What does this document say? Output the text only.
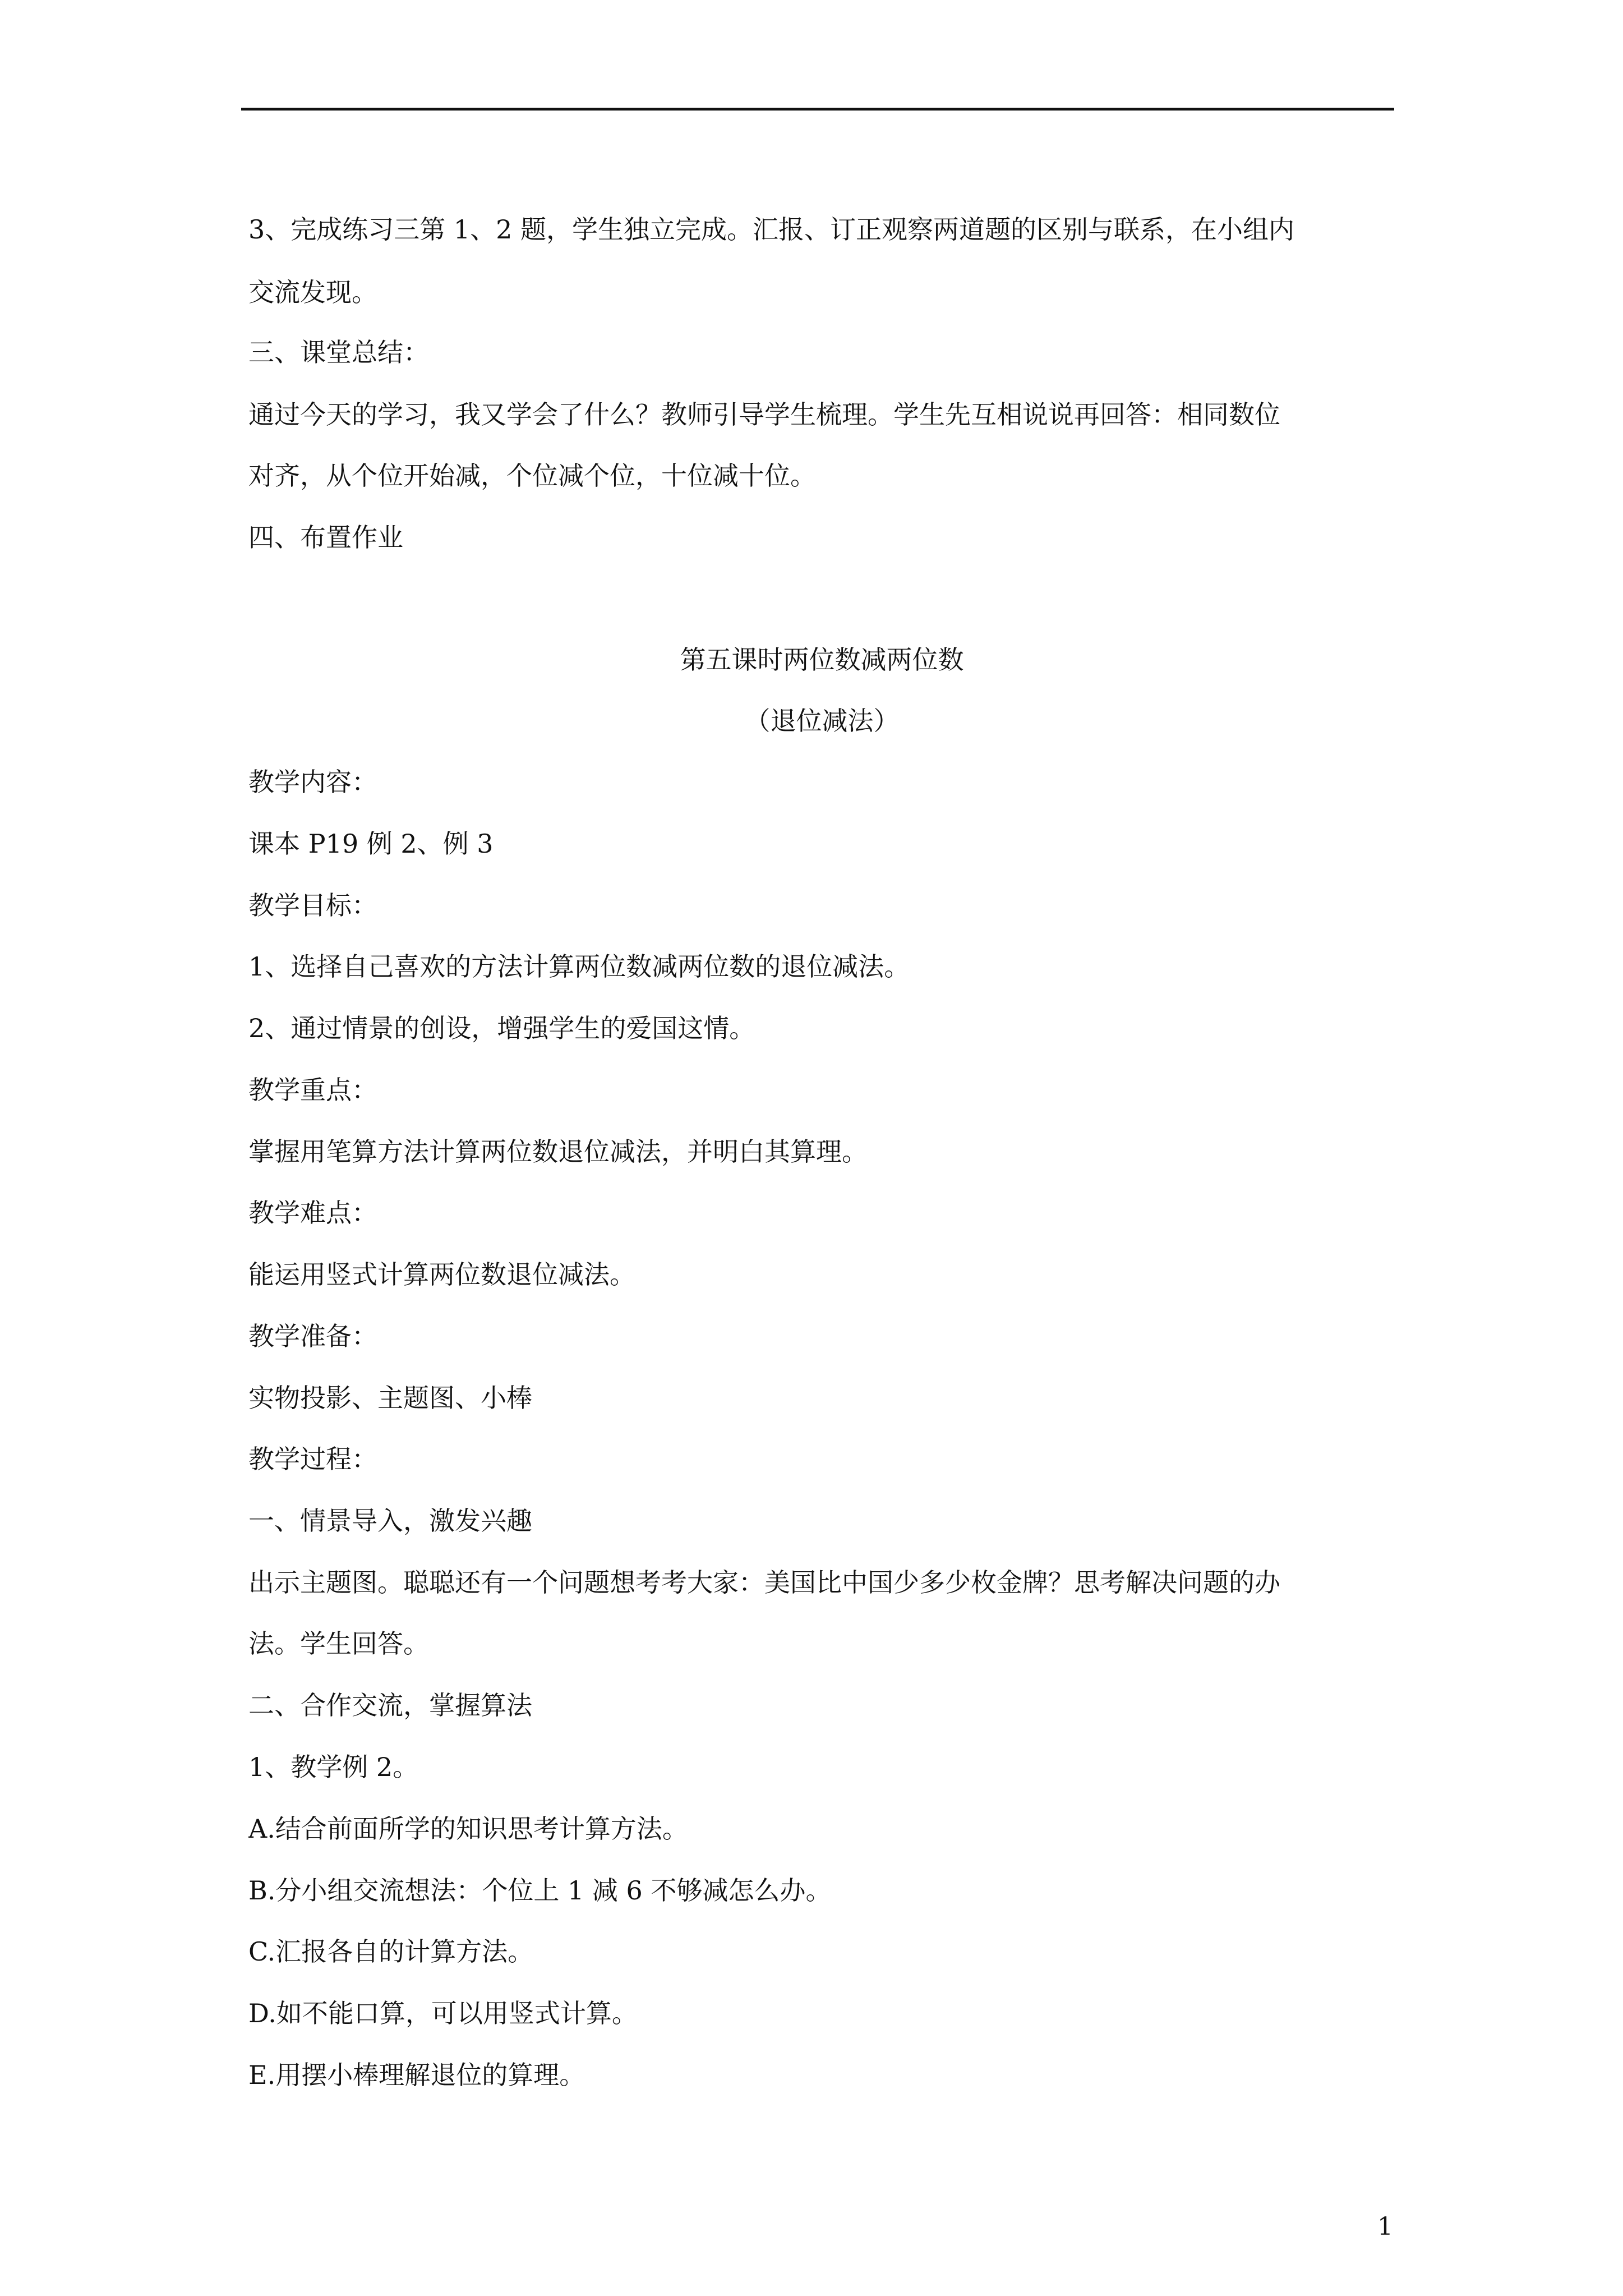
3、完成练习三第 1、2 题，学生独立完成。汇报、订正观察两道题的区别与联系，在小组内

交流发现。

三、课堂总结：

通过今天的学习，我又学会了什么？教师引导学生梳理。学生先互相说说再回答：相同数位

对齐，从个位开始减，个位减个位，十位减十位。

四、布置作业

第五课时两位数减两位数

（退位减法）

教学内容：

课本 P19 例 2、例 3

教学目标：

1、选择自己喜欢的方法计算两位数减两位数的退位减法。

2、通过情景的创设，增强学生的爱国这情。

教学重点：

掌握用笔算方法计算两位数退位减法，并明白其算理。

教学难点：

能运用竖式计算两位数退位减法。

教学准备：

实物投影、主题图、小棒

教学过程：

一、情景导入，激发兴趣

出示主题图。聪聪还有一个问题想考考大家：美国比中国少多少枚金牌？思考解决问题的办

法。学生回答。

二、合作交流，掌握算法

1、教学例 2。

A.结合前面所学的知识思考计算方法。

B.分小组交流想法：个位上 1 减 6 不够减怎么办。

C.汇报各自的计算方法。

D.如不能口算，可以用竖式计算。

E.用摆小棒理解退位的算理。

1
